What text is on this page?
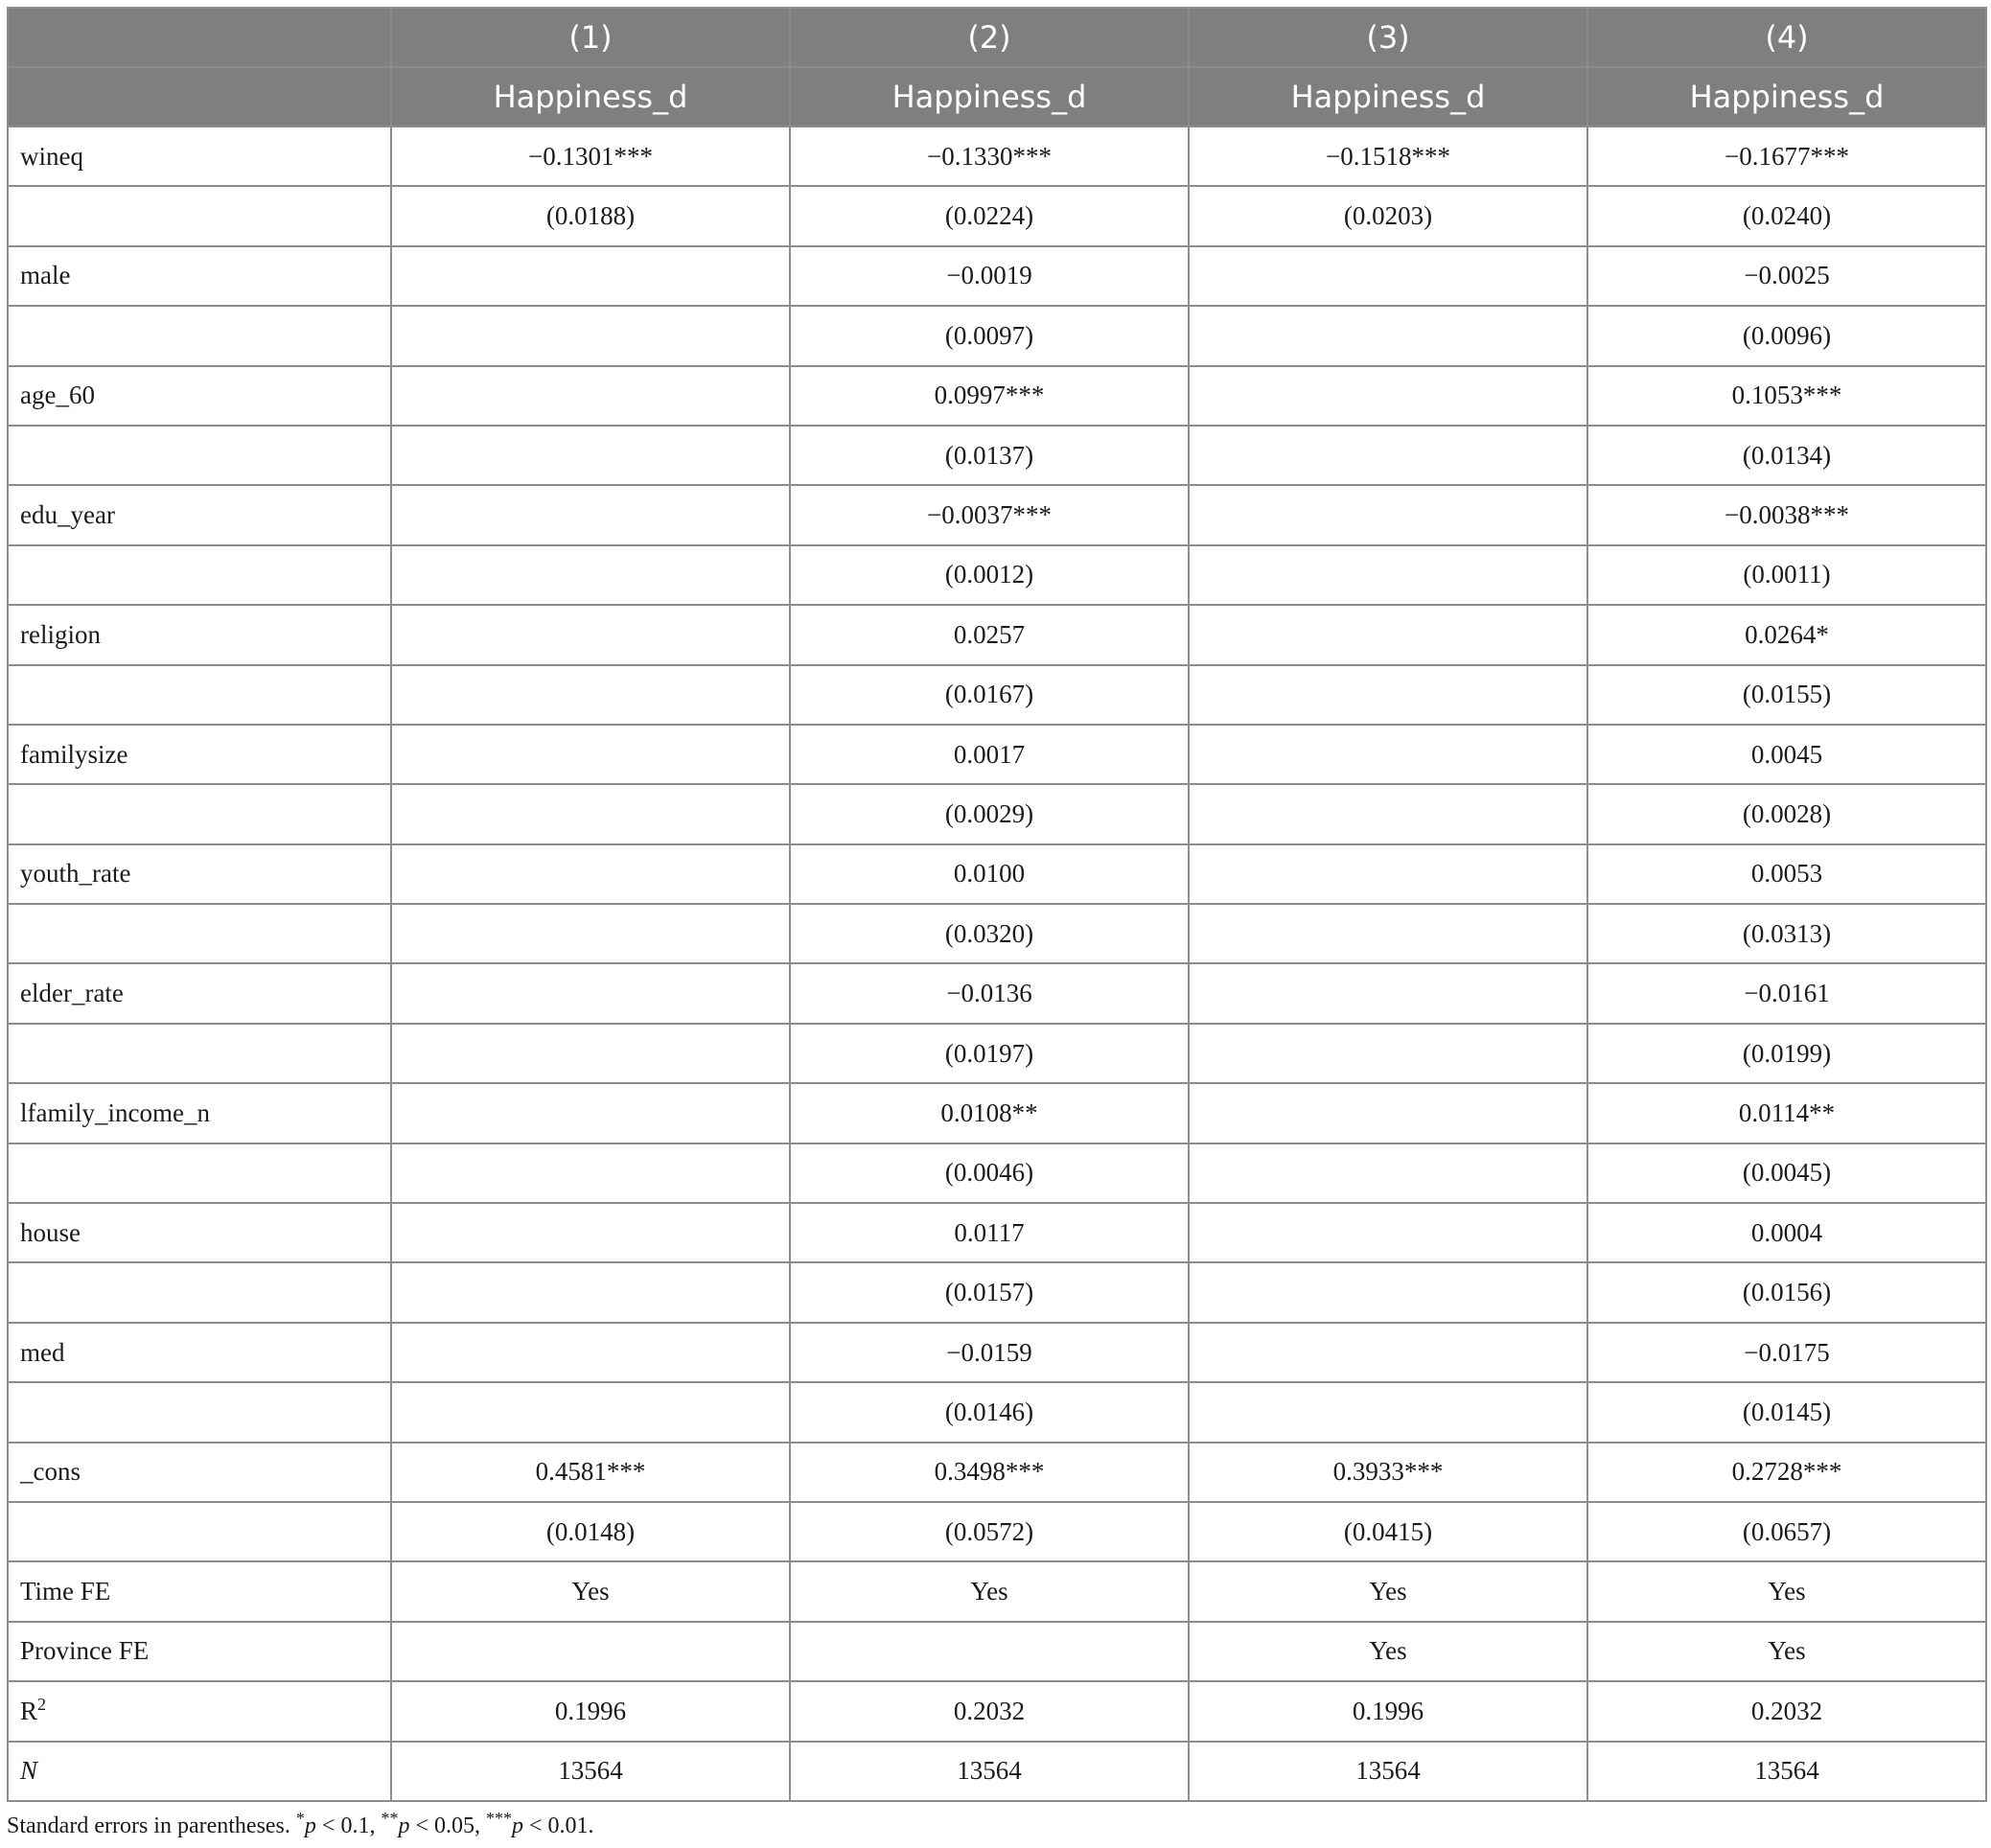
	(1)	(2)	(3)	(4)
	Happiness_d	Happiness_d	Happiness_d	Happiness_d
wineq	−0.1301***	−0.1330***	−0.1518***	−0.1677***
	(0.0188)	(0.0224)	(0.0203)	(0.0240)
male		−0.0019		−0.0025
		(0.0097)		(0.0096)
age_60		0.0997***		0.1053***
		(0.0137)		(0.0134)
edu_year		−0.0037***		−0.0038***
		(0.0012)		(0.0011)
religion		0.0257		0.0264*
		(0.0167)		(0.0155)
familysize		0.0017		0.0045
		(0.0029)		(0.0028)
youth_rate		0.0100		0.0053
		(0.0320)		(0.0313)
elder_rate		−0.0136		−0.0161
		(0.0197)		(0.0199)
lfamily_income_n		0.0108**		0.0114**
		(0.0046)		(0.0045)
house		0.0117		0.0004
		(0.0157)		(0.0156)
med		−0.0159		−0.0175
		(0.0146)		(0.0145)
_cons	0.4581***	0.3498***	0.3933***	0.2728***
	(0.0148)	(0.0572)	(0.0415)	(0.0657)
Time FE	Yes	Yes	Yes	Yes
Province FE			Yes	Yes
$R^2$	0.1996	0.2032	0.1996	0.2032
N	13564	13564	13564	13564
Standard errors in parentheses. *p < 0.1, **p < 0.05, ***p < 0.01.
